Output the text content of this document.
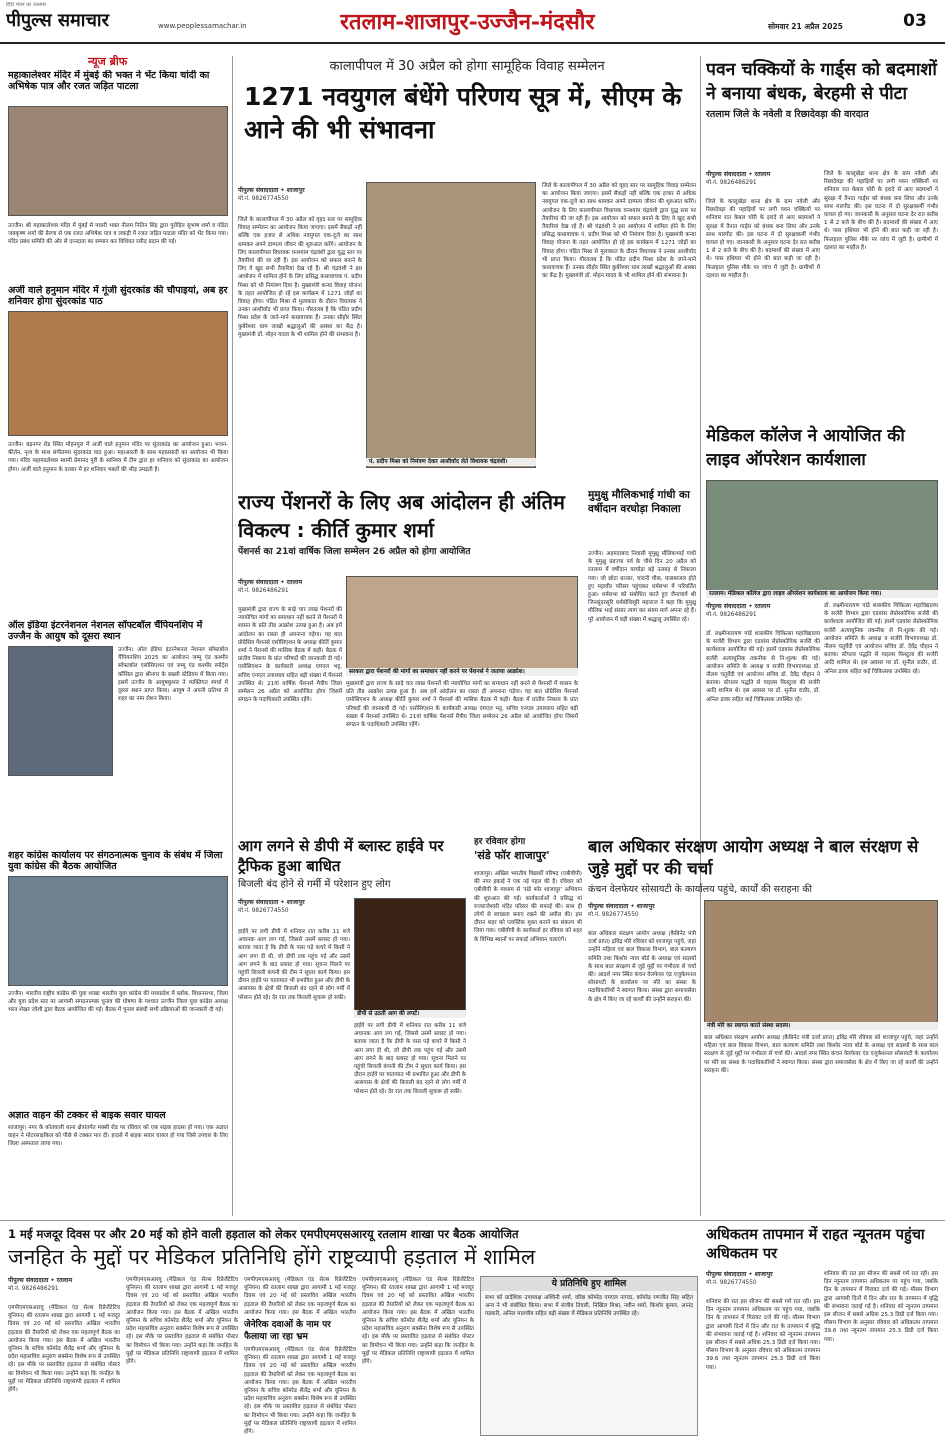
हिंदी भवन का उल्लास
पीपुल्स समाचार	www.peoplessamachar.in	रतलाम-शाजापुर-उज्जैन-मंदसौर	सोमवार 21 अप्रैल 2025	03
न्यूज ब्रीफ
महाकालेश्वर मंदिर में मुंबई की भक्त ने भेंट किया चांदी का अभिषेक पात्र और रजत जड़ित पाटला
उज्जैन। श्री महाकालेश्वर मंदिर में मुंबई से पधारी भक्त नीलम नितिन सिंह द्वारा पुरोहित सुभाष शर्मा व पंडित जयकृष्ण शर्मा की प्रेरणा से एक रजत अभिषेक पात्र व लकड़ी में रजत जड़ित पाटला मंदिर को भेंट किया गया। मंदिर प्रबंध समिति की ओर से दानदाता का सम्मान कर विधिवत रसीद प्रदान की गई।
अर्जी वाले हनुमान मंदिर में गूंजी सुंदरकांड की चौपाइयां, अब हर शनिवार होगा सुंदरकांड पाठ
उज्जैन। बड़नगर रोड स्थित मोहनपुरा में अर्जी वाले हनुमान मंदिर पर सुंदरकांड का आयोजन हुआ। भजन-कीर्तन, नृत्य के साथ संगीतमय सुंदरकांड पाठ हुआ। महाआरती के साथ महाप्रसादी का आयोजन भी किया गया। मंदिर महामंडलेश्वर स्वामी प्रेमानंद पुरी के सानिध्य में टीम द्वारा हर शनिवार को सुंदरकांड का आयोजन होगा। अर्जी वाले हनुमान के दरबार में हर शनिवार भक्तों की भीड़ उमड़ती है।
ऑल इंडिया इंटरनेशनल नेशनल सॉफ्टबॉल चैंपियनशिप में उज्जैन के आयुष को दूसरा स्थान
उज्जैन। ऑल इंडिया इंटरनेशनल नेशनल सॉफ्टबॉल चैंपियनशिप 2025 का आयोजन जम्मू एंड कश्मीर सॉफ्टबॉल एसोसिएशन एवं जम्मू एंड कश्मीर स्पोर्ट्स कौंसिल द्वारा श्रीनगर के बख्शी स्टेडियम में किया गया। इसमें उज्जैन के आयुषकुमार ने व्यक्तिगत स्पर्धा में दूसरा स्थान प्राप्त किया। आयुष ने अपनी प्रतिभा से शहर का नाम रोशन किया।
शहर कांग्रेस कार्यालय पर संगठनात्मक चुनाव के संबंध में जिला युवा कांग्रेस की बैठक आयोजित
उज्जैन। भारतीय राष्ट्रीय कांग्रेस की युवा शाखा भारतीय युवा कांग्रेस की मध्यप्रदेश में ब्लॉक, विधानसभा, जिला और युवा प्रदेश स्तर पर आगामी संगठनात्मक चुनाव की घोषणा के पश्चात उज्जैन जिला युवा कांग्रेस अध्यक्ष भरत शेखर जोशी द्वारा बैठक आयोजित की गई। बैठक में चुनाव संबंधी सभी प्रक्रियाओं की जानकारी दी गई।
अज्ञात वाहन की टक्कर से बाइक सवार घायल
शाजापुर। नगर के कोतवाली थाना क्षेत्रांतर्गत मक्सी रोड पर रविवार को एक सड़क हादसा हो गया। एक अज्ञात वाहन ने मोटरसाइकिल को पीछे से टक्कर मार दी। हादसे में बाइक सवार घायल हो गया जिसे उपचार के लिए जिला अस्पताल लाया गया।
कालापीपल में 30 अप्रैल को होगा सामूहिक विवाह सम्मेलन
1271 नवयुगल बंधेंगे परिणय सूत्र में, सीएम के आने की भी संभावना
पीपुल्स संवाददाता • शाजापुर
मो.नं. 9826774550
जिले के कालापीपल में 30 अप्रैल को वृहद स्तर पर सामूहिक विवाह सम्मेलन का आयोजन किया जाएगा। इसमें सैकड़ों नहीं बल्कि एक हजार से अधिक नवयुगल एक-दूजे का साथ थामकर अपने दाम्पत्य जीवन की शुरुआत करेंगे। आयोजन के लिए कालापीपल विधायक घनश्याम चंद्रवंशी द्वारा युद्ध स्तर पर तैयारियां की जा रही हैं। इस आयोजन को सफल बनाने के लिए वे खुद सभी तैयारियां देख रहे हैं। श्री चंद्रवंशी ने इस आयोजन में शामिल होने के लिए प्रसिद्ध कथावाचक पं. प्रदीप मिश्रा को भी निमंत्रण दिया है। मुख्यमंत्री कन्या विवाह योजना के तहत आयोजित हो रहे इस कार्यक्रम में 1271 जोड़ों का विवाह होगा। पंडित मिश्रा से मुलाकात के दौरान विधायक ने उनका आशीर्वाद भी प्राप्त किया। गौरतलब है कि पंडित प्रदीप मिश्रा प्रदेश के जाने-माने कथावाचक हैं। उनका सीहोर स्थित कुबेरेश्वर धाम लाखों श्रद्धालुओं की आस्था का केंद्र है। मुख्यमंत्री डॉ. मोहन यादव के भी शामिल होने की संभावना है।
पं. प्रदीप मिश्रा को निमंत्रण देकर आशीर्वाद लेते विधायक चंद्रवंशी।
जिले के कालापीपल में 30 अप्रैल को वृहद स्तर पर सामूहिक विवाह सम्मेलन का आयोजन किया जाएगा। इसमें सैकड़ों नहीं बल्कि एक हजार से अधिक नवयुगल एक-दूजे का साथ थामकर अपने दाम्पत्य जीवन की शुरुआत करेंगे। आयोजन के लिए कालापीपल विधायक घनश्याम चंद्रवंशी द्वारा युद्ध स्तर पर तैयारियां की जा रही हैं। इस आयोजन को सफल बनाने के लिए वे खुद सभी तैयारियां देख रहे हैं। श्री चंद्रवंशी ने इस आयोजन में शामिल होने के लिए प्रसिद्ध कथावाचक पं. प्रदीप मिश्रा को भी निमंत्रण दिया है। मुख्यमंत्री कन्या विवाह योजना के तहत आयोजित हो रहे इस कार्यक्रम में 1271 जोड़ों का विवाह होगा। पंडित मिश्रा से मुलाकात के दौरान विधायक ने उनका आशीर्वाद भी प्राप्त किया। गौरतलब है कि पंडित प्रदीप मिश्रा प्रदेश के जाने-माने कथावाचक हैं। उनका सीहोर स्थित कुबेरेश्वर धाम लाखों श्रद्धालुओं की आस्था का केंद्र है। मुख्यमंत्री डॉ. मोहन यादव के भी शामिल होने की संभावना है।
राज्य पेंशनरों के लिए अब आंदोलन ही अंतिम विकल्प : कीर्ति कुमार शर्मा
पेंशनर्स का 21वां वार्षिक जिला सम्मेलन 26 अप्रैल को होगा आयोजित
पीपुल्स संवाददाता • रतलाम
मो.नं. 9826486291
सरकार द्वारा पेंशनरों की मांगों का समाधान नहीं करने पर पेंशनर्स ने जताया आक्रोश।
मुख्यमंत्री द्वारा राज्य के साढ़े चार लाख पेंशनरों की न्यायोचित मांगों का समाधान नहीं करने से पेंशनरों में शासन के प्रति तीव्र आक्रोश उत्पन्न हुआ है। अब हमें आंदोलन का रास्ता ही अपनाना पड़ेगा। यह बात प्रोग्रेसिव पेंशनर्स एसोसिएशन के अध्यक्ष कीर्ति कुमार शर्मा ने पेंशनर्स की मासिक बैठक में कही। बैठक में प्रांतीय निकाय के प्रांत परिषदों की जानकारी दी गई। एसोसिएशन के कार्यकारी अध्यक्ष एमएल भट्ट, सचिव एनएल उपाध्याय सहित बड़ी संख्या में पेंशनर्स उपस्थित थे। 21वां वार्षिक पेंशनर्स मैत्रीय जिला सम्मेलन 26 अप्रैल को आयोजित होगा जिसमें संगठन के पदाधिकारी उपस्थित रहेंगे।
मुख्यमंत्री द्वारा राज्य के साढ़े चार लाख पेंशनरों की न्यायोचित मांगों का समाधान नहीं करने से पेंशनरों में शासन के प्रति तीव्र आक्रोश उत्पन्न हुआ है। अब हमें आंदोलन का रास्ता ही अपनाना पड़ेगा। यह बात प्रोग्रेसिव पेंशनर्स एसोसिएशन के अध्यक्ष कीर्ति कुमार शर्मा ने पेंशनर्स की मासिक बैठक में कही। बैठक में प्रांतीय निकाय के प्रांत परिषदों की जानकारी दी गई। एसोसिएशन के कार्यकारी अध्यक्ष एमएल भट्ट, सचिव एनएल उपाध्याय सहित बड़ी संख्या में पेंशनर्स उपस्थित थे। 21वां वार्षिक पेंशनर्स मैत्रीय जिला सम्मेलन 26 अप्रैल को आयोजित होगा जिसमें संगठन के पदाधिकारी उपस्थित रहेंगे।
मुमुक्षु मौलिकभाई गांधी का वर्षीदान वरघोड़ा निकाला
उज्जैन। अहमदाबाद निवासी मुमुक्षु मौलिकभाई गांधी के मुमुक्षु प्रव्रज्या पर्व के चौथे दिन 20 अप्रैल को रतलाम में वर्षीदान वरघोड़ा बड़े उत्साह से निकाला गया। जो छोटा बाजार, चांदनी चौक, घासबाजार होते हुए महावीर परिसर पहुंचकर धर्मसभा में परिवर्तित हुआ। धर्मसभा को संबोधित करते हुए जैनाचार्य श्री जिनसुंदरसूरि धर्मबोधिसूरि महाराज ने कहा कि मुमुक्षु मौलिक भाई संसार त्याग कर संयम मार्ग अपना रहे हैं। पूरे आयोजन में बड़ी संख्या में श्रद्धालु उपस्थित रहे।
पवन चक्कियों के गार्ड्स को बदमाशों ने बनाया बंधक, बेरहमी से पीटा
रतलाम जिले के नवेली व रिछादेवड़ा की वारदात
पीपुल्स संवाददाता • रतलाम
मो.नं. 9826486291
जिले के कालूखेड़ा थाना क्षेत्र के ग्राम नवेली और रिछादेवड़ा की पहाड़ियों पर लगी पवन चक्कियों पर शनिवार रात केबल चोरी के इरादे से आए बदमाशों ने सुरक्षा में तैनात गार्ड्स को बंधक बना लिया और उनके साथ मारपीट की। इस घटना में दो सुरक्षाकर्मी गंभीर घायल हो गए। जानकारी के अनुसार घटना देर रात करीब 1 से 2 बजे के बीच की है। बदमाशों की संख्या में आए थे। पास हथियार भी होने की बात कही जा रही है। फिलहाल पुलिस मौके पर जांच में जुटी है। ग्रामीणों में दहशत का माहौल है।
जिले के कालूखेड़ा थाना क्षेत्र के ग्राम नवेली और रिछादेवड़ा की पहाड़ियों पर लगी पवन चक्कियों पर शनिवार रात केबल चोरी के इरादे से आए बदमाशों ने सुरक्षा में तैनात गार्ड्स को बंधक बना लिया और उनके साथ मारपीट की। इस घटना में दो सुरक्षाकर्मी गंभीर घायल हो गए। जानकारी के अनुसार घटना देर रात करीब 1 से 2 बजे के बीच की है। बदमाशों की संख्या में आए थे। पास हथियार भी होने की बात कही जा रही है। फिलहाल पुलिस मौके पर जांच में जुटी है। ग्रामीणों में दहशत का माहौल है।
मेडिकल कॉलेज ने आयोजित की लाइव ऑपरेशन कार्यशाला
रतलाम। मेडिकल कॉलेज द्वारा लाइव ऑपरेशन कार्यशाला का आयोजन किया गया।
पीपुल्स संवाददाता • रतलाम
मो.नं. 9826486291
डॉ. लक्ष्मीनारायण पांडे शासकीय चिकित्सा महाविद्यालय के सर्जरी विभाग द्वारा एडवांस लेप्रोस्कोपिक सर्जरी की कार्यशाला आयोजित की गई। इसमें एडवांस लेप्रोस्कोपिक सर्जरी अत्याधुनिक तकनीक से नि:शुल्क की गई। आयोजन समिति के अध्यक्ष व सर्जरी विभागाध्यक्ष डॉ. नीलम चतुर्वेदी एवं आयोजन सचिव डॉ. देवेंद्र चौहान ने बताया। स्टेपलर पद्धति से पाइल्स फिस्टुला की सर्जरी आदि शामिल थे। इस अवसर पर डॉ. सुनील राठौर, डॉ. अनिल डावर सहित कई चिकित्सक उपस्थित रहे।
डॉ. लक्ष्मीनारायण पांडे शासकीय चिकित्सा महाविद्यालय के सर्जरी विभाग द्वारा एडवांस लेप्रोस्कोपिक सर्जरी की कार्यशाला आयोजित की गई। इसमें एडवांस लेप्रोस्कोपिक सर्जरी अत्याधुनिक तकनीक से नि:शुल्क की गई। आयोजन समिति के अध्यक्ष व सर्जरी विभागाध्यक्ष डॉ. नीलम चतुर्वेदी एवं आयोजन सचिव डॉ. देवेंद्र चौहान ने बताया। स्टेपलर पद्धति से पाइल्स फिस्टुला की सर्जरी आदि शामिल थे। इस अवसर पर डॉ. सुनील राठौर, डॉ. अनिल डावर सहित कई चिकित्सक उपस्थित रहे।
आग लगने से डीपी में ब्लास्ट हाईवे पर ट्रैफिक हुआ बाधित
बिजली बंद होने से गर्मी में परेशान हुए लोग
पीपुल्स संवाददाता • शाजापुर
मो.नं. 9826774550
डीपी से उठती आग की लपटें।
हाईवे पर लगी डीपी में शनिवार रात करीब 11 बजे अचानक आग लग गई, जिससे उसमें ब्लास्ट हो गया। बताया जाता है कि डीपी के पास पड़े कचरे में किसी ने आग लगा दी थी, जो डीपी तक पहुंच गई और उसमें आग लगने के बाद ब्लास्ट हो गया। सूचना मिलने पर पहुंची बिजली कंपनी की टीम ने सुधार कार्य किया। इस दौरान हाईवे पर यातायात भी प्रभावित हुआ और डीपी के आसपास के क्षेत्रों की बिजली बंद रहने से लोग गर्मी में परेशान होते रहे। देर रात तक बिजली सुचारू हो सकी।
हाईवे पर लगी डीपी में शनिवार रात करीब 11 बजे अचानक आग लग गई, जिससे उसमें ब्लास्ट हो गया। बताया जाता है कि डीपी के पास पड़े कचरे में किसी ने आग लगा दी थी, जो डीपी तक पहुंच गई और उसमें आग लगने के बाद ब्लास्ट हो गया। सूचना मिलने पर पहुंची बिजली कंपनी की टीम ने सुधार कार्य किया। इस दौरान हाईवे पर यातायात भी प्रभावित हुआ और डीपी के आसपास के क्षेत्रों की बिजली बंद रहने से लोग गर्मी में परेशान होते रहे। देर रात तक बिजली सुचारू हो सकी।
हर रविवार होगा
'संडे फॉर शाजापुर'
शाजापुर। अखिल भारतीय विद्यार्थी परिषद (एबीवीपी) की नगर इकाई ने एक नई पहल की है। रविवार को एबीवीपी के माध्यम से 'संडे फॉर शाजापुर' अभियान की शुरुआत की गई। कार्यकर्ताओं ने प्रसिद्ध मां राजराजेश्वरी मंदिर परिसर की सफाई की। साथ ही लोगों से स्वच्छता बनाए रखने की अपील की। इस दौरान शहर को प्लास्टिक मुक्त बनाने का संकल्प भी लिया गया। एबीवीपी के कार्यकर्ता हर रविवार को शहर के विभिन्न स्थानों पर सफाई अभियान चलाएंगे।
बाल अधिकार संरक्षण आयोग अध्यक्ष ने बाल संरक्षण से जुड़े मुद्दों पर की चर्चा
कंचन वेलफेयर सोसायटी के कार्यालय पहुंचे, कार्यों की सराहना की
पीपुल्स संवाददाता • शाजापुर
मो.नं. 9826774550
बाल अधिकार संरक्षण आयोग अध्यक्ष (कैबिनेट मंत्री दर्जा प्राप्त) द्रविंद्र मोरे रविवार को शाजापुर पहुंचे, जहां उन्होंने महिला एवं बाल विकास विभाग, बाल कल्याण समिति तथा किशोर न्याय बोर्ड के अध्यक्ष एवं सदस्यों के साथ बाल संरक्षण से जुड़े मुद्दों पर गंभीरता से चर्चा की। आदर्श नगर स्थित कंचन वेलफेयर एंड एजुकेशनल सोसायटी के कार्यालय पर मोरे का संस्था के पदाधिकारियों ने स्वागत किया। संस्था द्वारा समाजसेवा के क्षेत्र में किए जा रहे कार्यों की उन्होंने सराहना की।
मंत्री मोरे का स्वागत करते संस्था सदस्य।
बाल अधिकार संरक्षण आयोग अध्यक्ष (कैबिनेट मंत्री दर्जा प्राप्त) द्रविंद्र मोरे रविवार को शाजापुर पहुंचे, जहां उन्होंने महिला एवं बाल विकास विभाग, बाल कल्याण समिति तथा किशोर न्याय बोर्ड के अध्यक्ष एवं सदस्यों के साथ बाल संरक्षण से जुड़े मुद्दों पर गंभीरता से चर्चा की। आदर्श नगर स्थित कंचन वेलफेयर एंड एजुकेशनल सोसायटी के कार्यालय पर मोरे का संस्था के पदाधिकारियों ने स्वागत किया। संस्था द्वारा समाजसेवा के क्षेत्र में किए जा रहे कार्यों की उन्होंने सराहना की।
1 मई मजदूर दिवस पर और 20 मई को होने वाली हड़ताल को लेकर एमपीएमएसआरयू रतलाम शाखा पर बैठक आयोजित
जनहित के मुद्दों पर मेडिकल प्रतिनिधि होंगे राष्ट्रव्यापी हड़ताल में शामिल
पीपुल्स संवाददाता • रतलाम
मो.नं. 9826486291
एमपीएमएसआरयू (मेडिकल एंड सेल्स रिप्रेजेंटेटिव यूनियन) की रतलाम शाखा द्वारा आगामी 1 मई मजदूर दिवस एवं 20 मई को प्रस्तावित अखिल भारतीय हड़ताल की तैयारियों को लेकर एक महत्वपूर्ण बैठक का आयोजन किया गया। इस बैठक में अखिल भारतीय यूनियन के सचिव कॉमरेड शैलेंद्र शर्मा और यूनियन के प्रदेश महासचिव अनुराग सक्सेना विशेष रूप से उपस्थित रहे। इस मौके पर प्रस्तावित हड़ताल से संबंधित पोस्टर का विमोचन भी किया गया। उन्होंने कहा कि जनहित के मुद्दों पर मेडिकल प्रतिनिधि राष्ट्रव्यापी हड़ताल में शामिल होंगे।
एमपीएमएसआरयू (मेडिकल एंड सेल्स रिप्रेजेंटेटिव यूनियन) की रतलाम शाखा द्वारा आगामी 1 मई मजदूर दिवस एवं 20 मई को प्रस्तावित अखिल भारतीय हड़ताल की तैयारियों को लेकर एक महत्वपूर्ण बैठक का आयोजन किया गया। इस बैठक में अखिल भारतीय यूनियन के सचिव कॉमरेड शैलेंद्र शर्मा और यूनियन के प्रदेश महासचिव अनुराग सक्सेना विशेष रूप से उपस्थित रहे। इस मौके पर प्रस्तावित हड़ताल से संबंधित पोस्टर का विमोचन भी किया गया। उन्होंने कहा कि जनहित के मुद्दों पर मेडिकल प्रतिनिधि राष्ट्रव्यापी हड़ताल में शामिल होंगे।
एमपीएमएसआरयू (मेडिकल एंड सेल्स रिप्रेजेंटेटिव यूनियन) की रतलाम शाखा द्वारा आगामी 1 मई मजदूर दिवस एवं 20 मई को प्रस्तावित अखिल भारतीय हड़ताल की तैयारियों को लेकर एक महत्वपूर्ण बैठक का आयोजन किया गया। इस बैठक में अखिल भारतीय
जेनेरिक दवाओं के नाम पर फैलाया जा रहा भ्रम
एमपीएमएसआरयू (मेडिकल एंड सेल्स रिप्रेजेंटेटिव यूनियन) की रतलाम शाखा द्वारा आगामी 1 मई मजदूर दिवस एवं 20 मई को प्रस्तावित अखिल भारतीय हड़ताल की तैयारियों को लेकर एक महत्वपूर्ण बैठक का आयोजन किया गया। इस बैठक में अखिल भारतीय यूनियन के सचिव कॉमरेड शैलेंद्र शर्मा और यूनियन के प्रदेश महासचिव अनुराग सक्सेना विशेष रूप से उपस्थित रहे। इस मौके पर प्रस्तावित हड़ताल से संबंधित पोस्टर का विमोचन भी किया गया। उन्होंने कहा कि जनहित के मुद्दों पर मेडिकल प्रतिनिधि राष्ट्रव्यापी हड़ताल में शामिल होंगे।
एमपीएमएसआरयू (मेडिकल एंड सेल्स रिप्रेजेंटेटिव यूनियन) की रतलाम शाखा द्वारा आगामी 1 मई मजदूर दिवस एवं 20 मई को प्रस्तावित अखिल भारतीय हड़ताल की तैयारियों को लेकर एक महत्वपूर्ण बैठक का आयोजन किया गया। इस बैठक में अखिल भारतीय यूनियन के सचिव कॉमरेड शैलेंद्र शर्मा और यूनियन के प्रदेश महासचिव अनुराग सक्सेना विशेष रूप से उपस्थित रहे। इस मौके पर प्रस्तावित हड़ताल से संबंधित पोस्टर का विमोचन भी किया गया। उन्होंने कहा कि जनहित के मुद्दों पर मेडिकल प्रतिनिधि राष्ट्रव्यापी हड़ताल में शामिल होंगे।
ये प्रतिनिधि हुए शामिल
सभा को प्रादेशिक उपाध्यक्ष अश्विनी शर्मा, वरिष्ठ कॉमरेड एमएल नागदा, कॉमरेड रणजीत सिंह सहित अन्य ने भी संबोधित किया। सभा में संजीव तिवारी, निखिल मिश्रा, नवीन शर्मा, किशोर कुमार, आनंद गडकरी, अनिल मालवीय सहित बड़ी संख्या में मेडिकल प्रतिनिधि उपस्थित रहे।
अधिकतम तापमान में राहत न्यूनतम पहुंचा अधिकतम पर
पीपुल्स संवाददाता • शाजापुर
मो.नं. 9826774550
शनिवार की रात इस सीजन की सबसे गर्म रात रही। इस दिन न्यूनतम तापमान अधिकतम पर पहुंच गया, जबकि दिन के तापमान में गिरावट दर्ज की गई। मौसम विभाग द्वारा आगामी दिनों में दिन और रात के तापमान में वृद्धि की संभावना जताई गई है। शनिवार को न्यूनतम तापमान इस सीजन में सबसे अधिक 25.3 डिग्री दर्ज किया गया। मौसम विभाग के अनुसार रविवार को अधिकतम तापमान 39.6 तथा न्यूनतम तापमान 25.3 डिग्री दर्ज किया गया।
शनिवार की रात इस सीजन की सबसे गर्म रात रही। इस दिन न्यूनतम तापमान अधिकतम पर पहुंच गया, जबकि दिन के तापमान में गिरावट दर्ज की गई। मौसम विभाग द्वारा आगामी दिनों में दिन और रात के तापमान में वृद्धि की संभावना जताई गई है। शनिवार को न्यूनतम तापमान इस सीजन में सबसे अधिक 25.3 डिग्री दर्ज किया गया। मौसम विभाग के अनुसार रविवार को अधिकतम तापमान 39.6 तथा न्यूनतम तापमान 25.3 डिग्री दर्ज किया गया।
